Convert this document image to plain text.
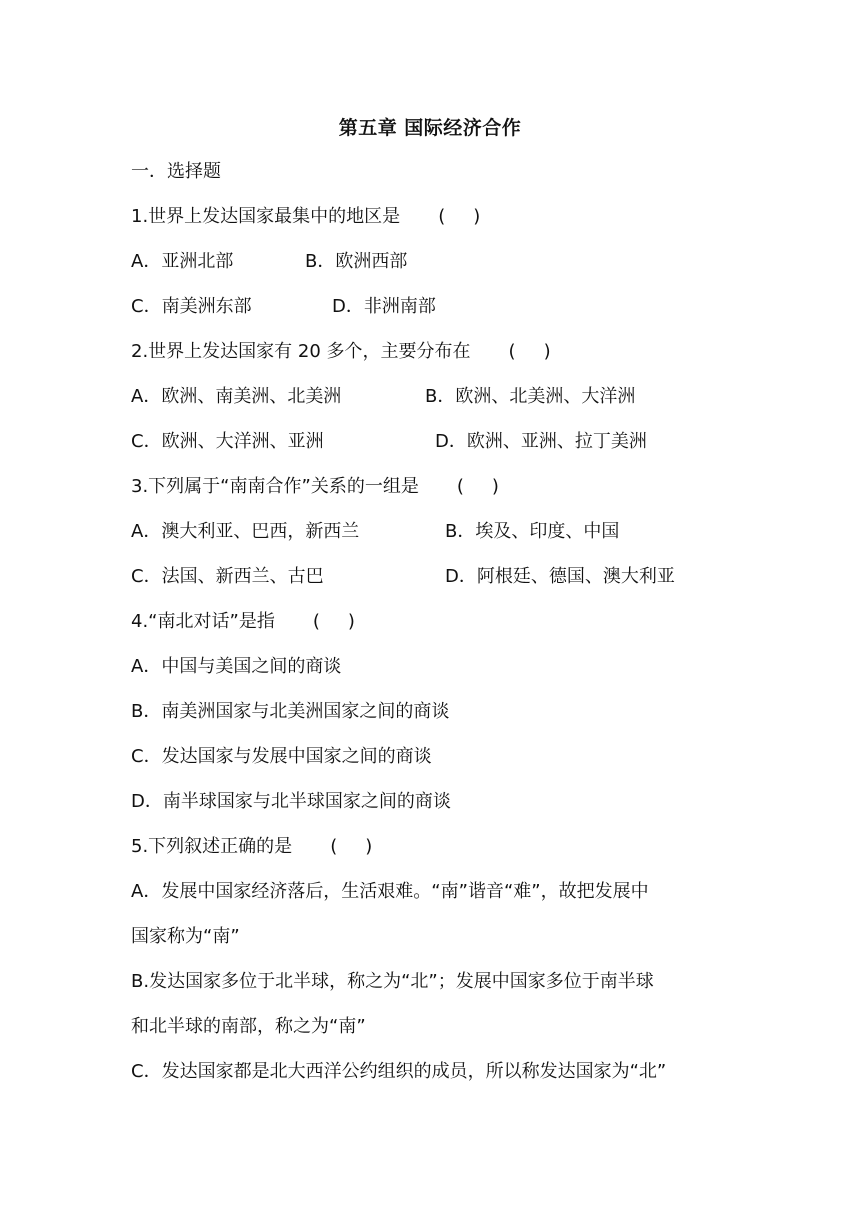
第五章 国际经济合作
一．选择题
1.世界上发达国家最集中的地区是 ( )
A．亚洲北部	B．欧洲西部
C．南美洲东部	D．非洲南部
2.世界上发达国家有 20 多个，主要分布在 ( )
A．欧洲、南美洲、北美洲	B．欧洲、北美洲、大洋洲
C．欧洲、大洋洲、亚洲	D．欧洲、亚洲、拉丁美洲
3.下列属于“南南合作”关系的一组是 ( )
A．澳大利亚、巴西，新西兰	B．埃及、印度、中国
C．法国、新西兰、古巴	D．阿根廷、德国、澳大利亚
4.“南北对话”是指 ( )
A．中国与美国之间的商谈
B．南美洲国家与北美洲国家之间的商谈
C．发达国家与发展中国家之间的商谈
D．南半球国家与北半球国家之间的商谈
5.下列叙述正确的是 ( )
A．发展中国家经济落后，生活艰难。“南”谐音“难”，故把发展中
国家称为“南”
B.发达国家多位于北半球，称之为“北”；发展中国家多位于南半球
和北半球的南部，称之为“南”
C．发达国家都是北大西洋公约组织的成员，所以称发达国家为“北”
